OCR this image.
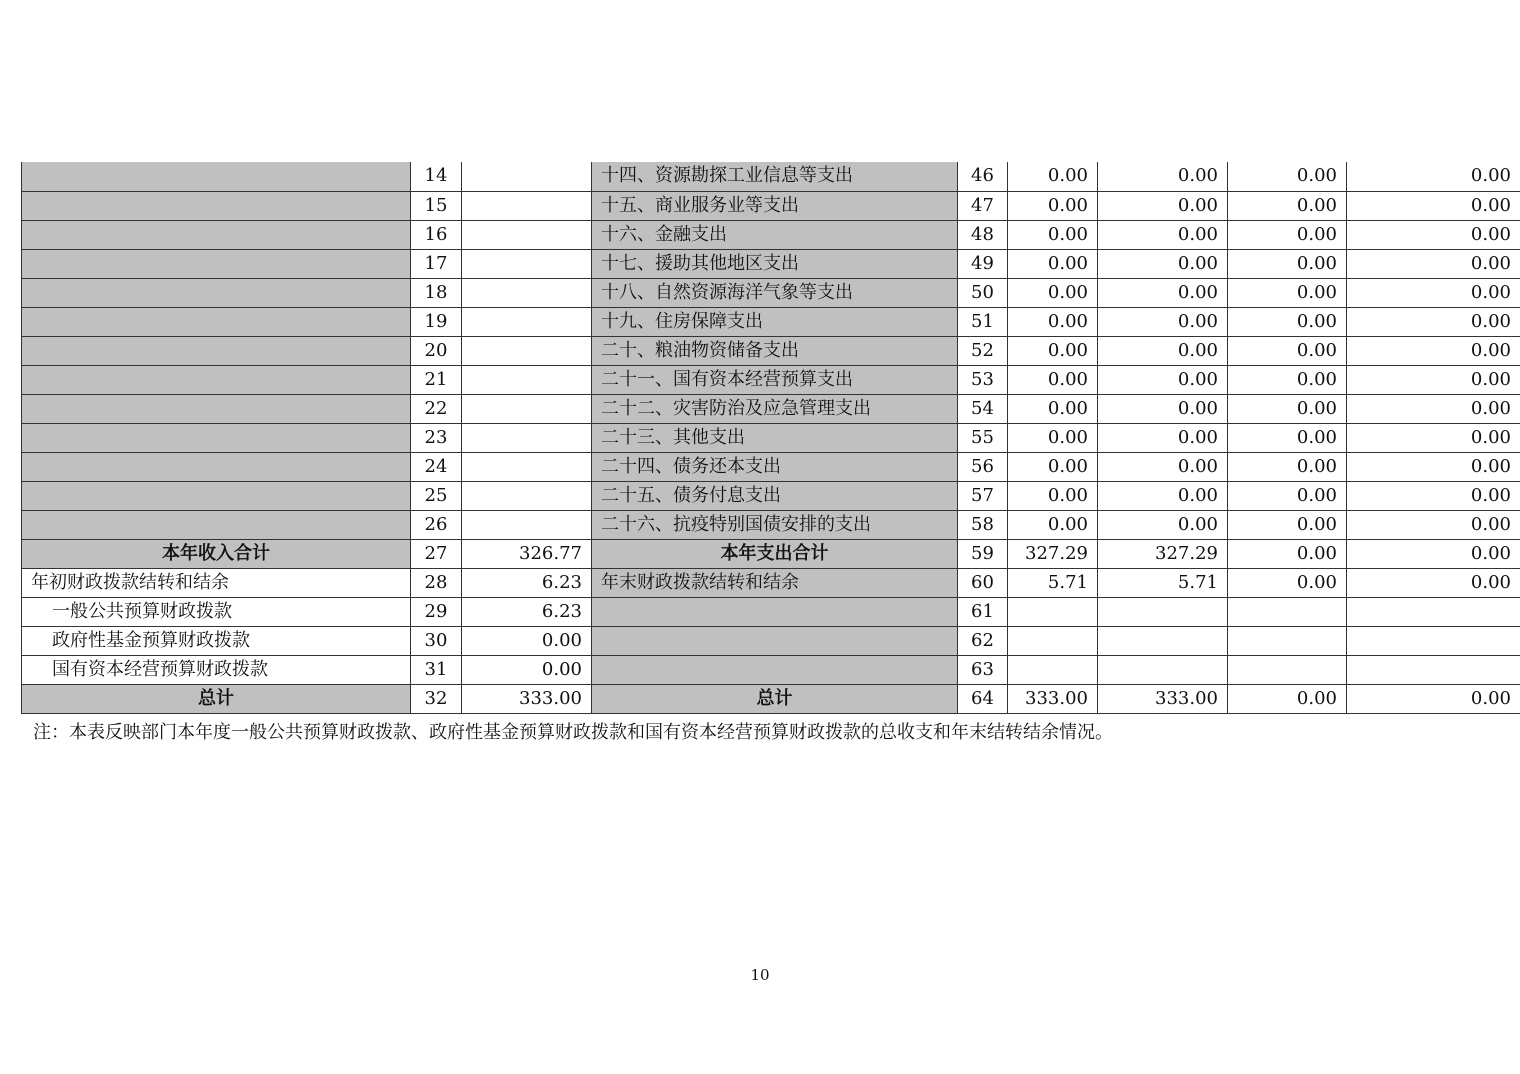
	14		十四、资源勘探工业信息等支出	46	0.00	0.00	0.00	0.00
	15		十五、商业服务业等支出	47	0.00	0.00	0.00	0.00
	16		十六、金融支出	48	0.00	0.00	0.00	0.00
	17		十七、援助其他地区支出	49	0.00	0.00	0.00	0.00
	18		十八、自然资源海洋气象等支出	50	0.00	0.00	0.00	0.00
	19		十九、住房保障支出	51	0.00	0.00	0.00	0.00
	20		二十、粮油物资储备支出	52	0.00	0.00	0.00	0.00
	21		二十一、国有资本经营预算支出	53	0.00	0.00	0.00	0.00
	22		二十二、灾害防治及应急管理支出	54	0.00	0.00	0.00	0.00
	23		二十三、其他支出	55	0.00	0.00	0.00	0.00
	24		二十四、债务还本支出	56	0.00	0.00	0.00	0.00
	25		二十五、债务付息支出	57	0.00	0.00	0.00	0.00
	26		二十六、抗疫特别国债安排的支出	58	0.00	0.00	0.00	0.00
本年收入合计	27	326.77	本年支出合计	59	327.29	327.29	0.00	0.00
年初财政拨款结转和结余	28	6.23	年末财政拨款结转和结余	60	5.71	5.71	0.00	0.00
一般公共预算财政拨款	29	6.23		61				
政府性基金预算财政拨款	30	0.00		62				
国有资本经营预算财政拨款	31	0.00		63				
总计	32	333.00	总计	64	333.00	333.00	0.00	0.00
注：本表反映部门本年度一般公共预算财政拨款、政府性基金预算财政拨款和国有资本经营预算财政拨款的总收支和年末结转结余情况。
10
